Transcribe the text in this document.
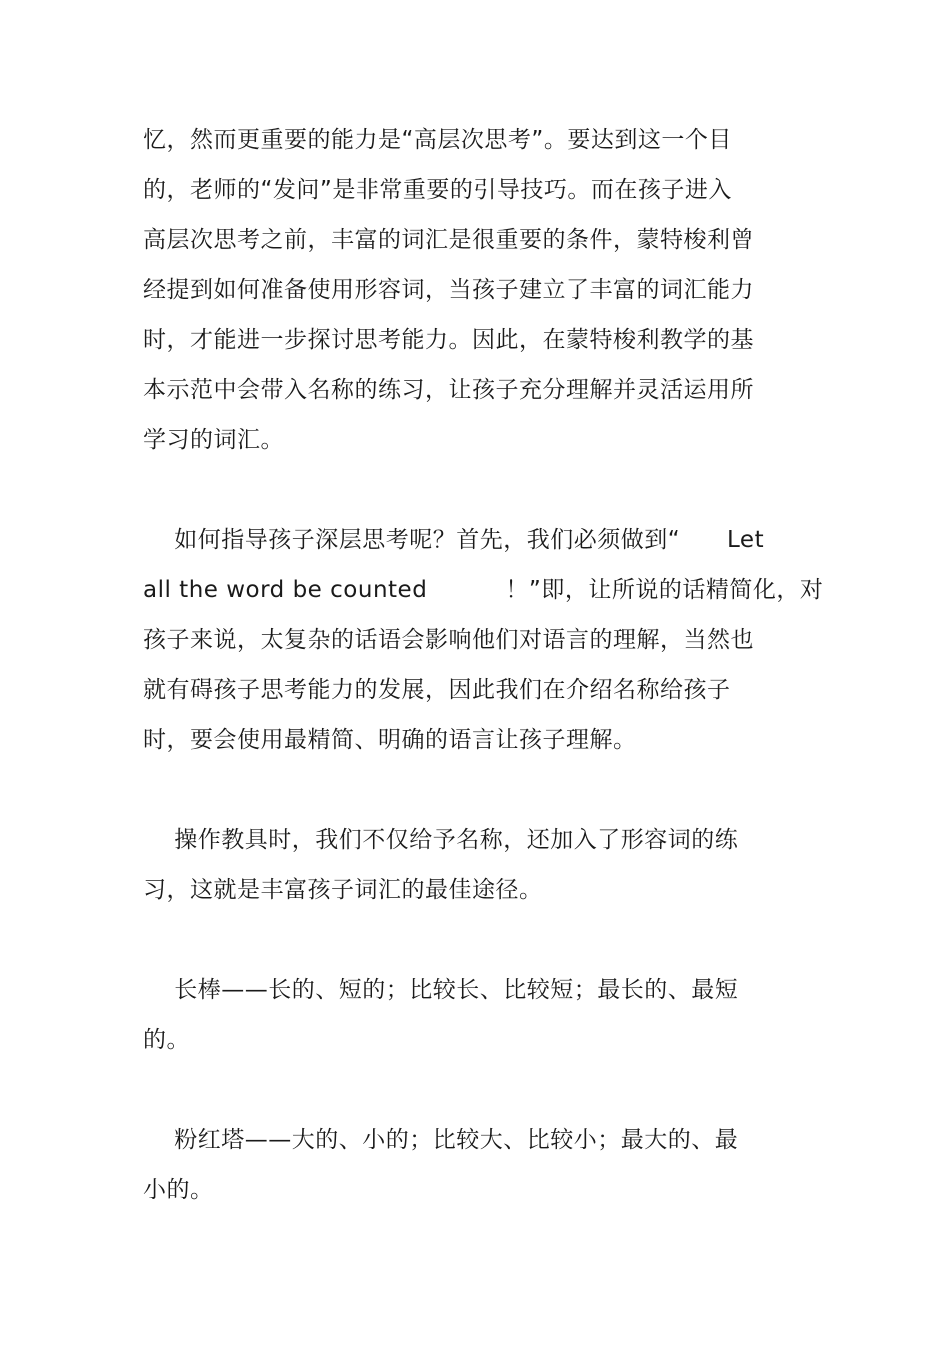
忆，然而更重要的能力是“高层次思考”。要达到这一个目
的，老师的“发问”是非常重要的引导技巧。而在孩子进入
高层次思考之前，丰富的词汇是很重要的条件，蒙特梭利曾
经提到如何准备使用形容词，当孩子建立了丰富的词汇能力
时，才能进一步探讨思考能力。因此，在蒙特梭利教学的基
本示范中会带入名称的练习，让孩子充分理解并灵活运用所
学习的词汇。
如何指导孩子深层思考呢？首先，我们必须做到“      Let
all the word be counted          ！”即，让所说的话精简化，对
孩子来说，太复杂的话语会影响他们对语言的理解，当然也
就有碍孩子思考能力的发展，因此我们在介绍名称给孩子
时，要会使用最精简、明确的语言让孩子理解。
操作教具时，我们不仅给予名称，还加入了形容词的练
习，这就是丰富孩子词汇的最佳途径。
长棒——长的、短的；比较长、比较短；最长的、最短
的。
粉红塔——大的、小的；比较大、比较小；最大的、最
小的。
